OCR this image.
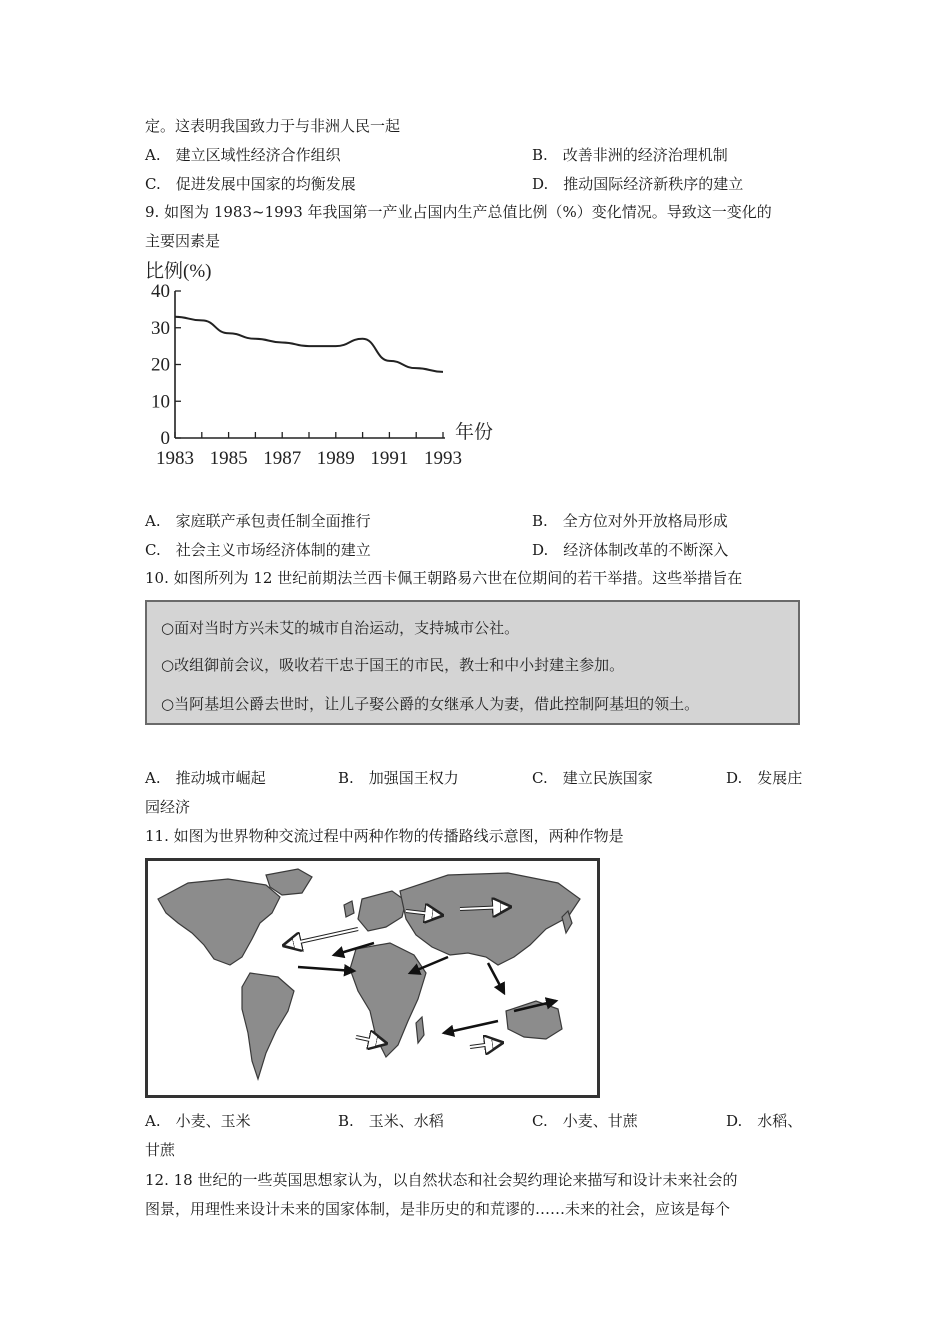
定。这表明我国致力于与非洲人民一起
A.　建立区域性经济合作组织	B.　改善非洲的经济治理机制
C.　促进发展中国家的均衡发展	D.　推动国际经济新秩序的建立
9. 如图为 1983~1993 年我国第一产业占国内生产总值比例（%）变化情况。导致这一变化的
主要因素是
比例(%)
年份
0
10
20
30
40
1983 1985 1987 1989 1991 1993
A.　家庭联产承包责任制全面推行	B.　全方位对外开放格局形成
C.　社会主义市场经济体制的建立	D.　经济体制改革的不断深入
10. 如图所列为 12 世纪前期法兰西卡佩王朝路易六世在位期间的若干举措。这些举措旨在
○面对当时方兴未艾的城市自治运动，支持城市公社。
○改组御前会议，吸收若干忠于国王的市民，教士和中小封建主参加。
○当阿基坦公爵去世时，让儿子娶公爵的女继承人为妻，借此控制阿基坦的领土。
A.　推动城市崛起	B.　加强国王权力	C.　建立民族国家	D.　发展庄
园经济
11. 如图为世界物种交流过程中两种作物的传播路线示意图，两种作物是
A.　小麦、玉米	B.　玉米、水稻	C.　小麦、甘蔗	D.　水稻、
甘蔗
12. 18 世纪的一些英国思想家认为，以自然状态和社会契约理论来描写和设计未来社会的
图景，用理性来设计未来的国家体制，是非历史的和荒谬的……未来的社会，应该是每个
